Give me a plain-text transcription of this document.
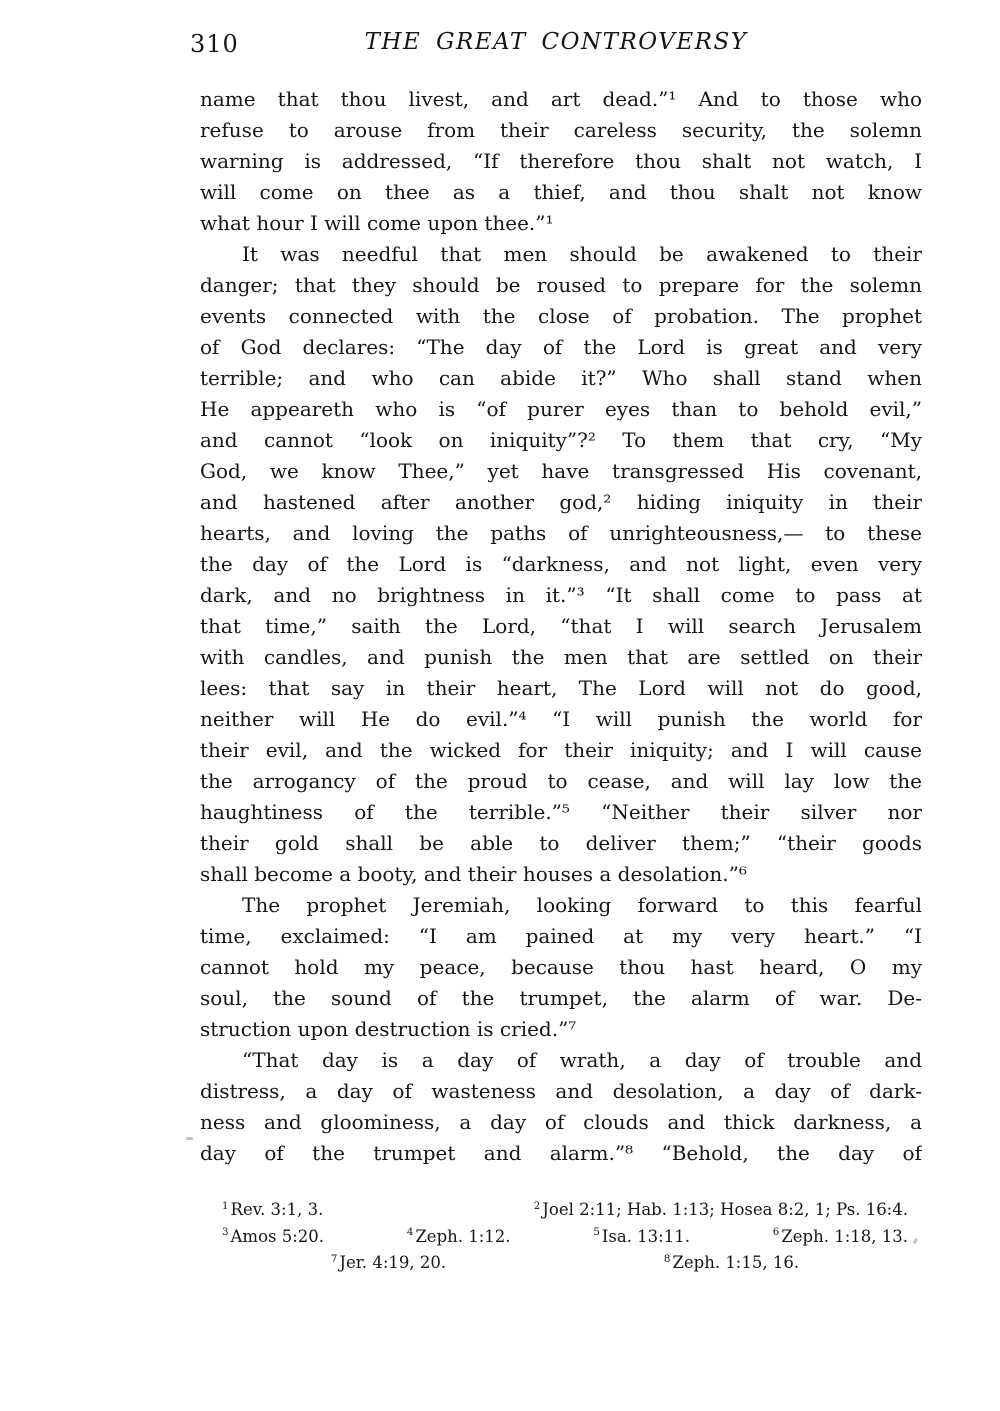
310	THE GREAT CONTROVERSY
name that thou livest, and art dead.”¹ And to those who
refuse to arouse from their careless security, the solemn
warning is addressed, “If therefore thou shalt not watch, I
will come on thee as a thief, and thou shalt not know
what hour I will come upon thee.”¹
It was needful that men should be awakened to their
danger; that they should be roused to prepare for the solemn
events connected with the close of probation. The prophet
of God declares: “The day of the Lord is great and very
terrible; and who can abide it?” Who shall stand when
He appeareth who is “of purer eyes than to behold evil,”
and cannot “look on iniquity”?² To them that cry, “My
God, we know Thee,” yet have transgressed His covenant,
and hastened after another god,² hiding iniquity in their
hearts, and loving the paths of unrighteousness,— to these
the day of the Lord is “darkness, and not light, even very
dark, and no brightness in it.”³ “It shall come to pass at
that time,” saith the Lord, “that I will search Jerusalem
with candles, and punish the men that are settled on their
lees: that say in their heart, The Lord will not do good,
neither will He do evil.”⁴ “I will punish the world for
their evil, and the wicked for their iniquity; and I will cause
the arrogancy of the proud to cease, and will lay low the
haughtiness of the terrible.”⁵ “Neither their silver nor
their gold shall be able to deliver them;” “their goods
shall become a booty, and their houses a desolation.”⁶
The prophet Jeremiah, looking forward to this fearful
time, exclaimed: “I am pained at my very heart.” “I
cannot hold my peace, because thou hast heard, O my
soul, the sound of the trumpet, the alarm of war. De-
struction upon destruction is cried.”⁷
“That day is a day of wrath, a day of trouble and
distress, a day of wasteness and desolation, a day of dark-
ness and gloominess, a day of clouds and thick darkness, a
day of the trumpet and alarm.”⁸ “Behold, the day of
$^1$ Rev. 3:1, 3.	$^2$ Joel 2:11; Hab. 1:13; Hosea 8:2, 1; Ps. 16:4.
$^3$ Amos 5:20.	$^4$ Zeph. 1:12.	$^5$ Isa. 13:11.	$^6$ Zeph. 1:18, 13.
$^7$ Jer. 4:19, 20.	$^8$ Zeph. 1:15, 16.
